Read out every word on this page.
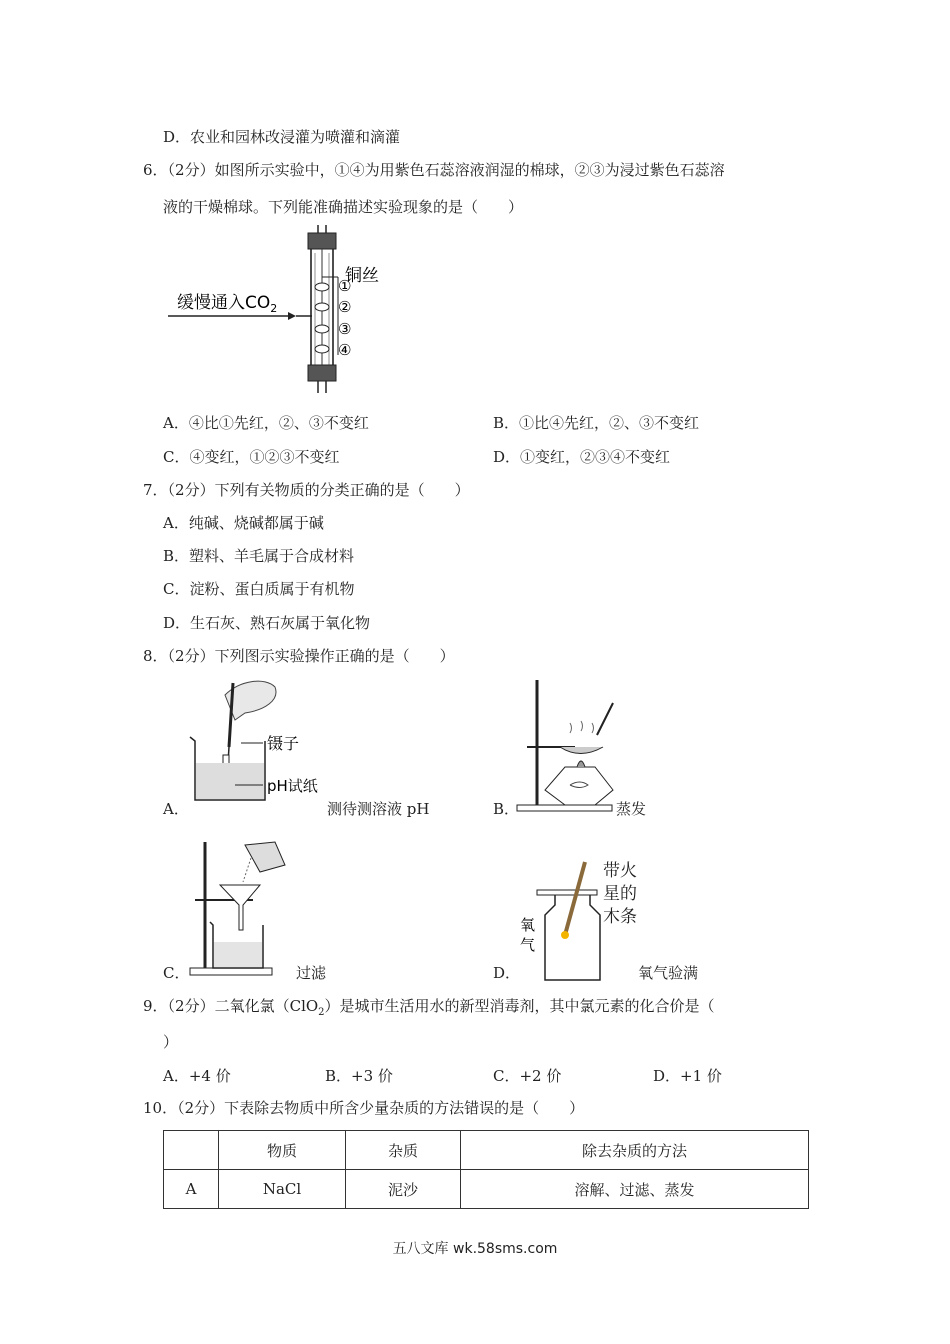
D．农业和园林改浸灌为喷灌和滴灌
6．（2分）如图所示实验中，①④为用紫色石蕊溶液润湿的棉球，②③为浸过紫色石蕊溶
液的干燥棉球。下列能准确描述实验现象的是（　　）
缓慢通入$CO_2$
铜丝
①
②
③
④
A．④比①先红，②、③不变红	B．①比④先红，②、③不变红
C．④变红，①②③不变红	D．①变红，②③④不变红
7．（2分）下列有关物质的分类正确的是（　　）
A．纯碱、烧碱都属于碱
B．塑料、羊毛属于合成材料
C．淀粉、蛋白质属于有机物
D．生石灰、熟石灰属于氧化物
8．（2分）下列图示实验操作正确的是（　　）
镊子
pH试纸
A．	测待测溶液 pH	B．	蒸发
C．	过滤
氧
气
带火
星的
木条
D．	氧气验满
9．（2分）二氧化氯（ClO$_2$）是城市生活用水的新型消毒剂，其中氯元素的化合价是（
）
A．+4 价	B．+3 价	C．+2 价	D．+1 价
10．（2分）下表除去物质中所含少量杂质的方法错误的是（　　）
	物质	杂质	除去杂质的方法
A	NaCl	泥沙	溶解、过滤、蒸发
五八文库 wk.58sms.com
